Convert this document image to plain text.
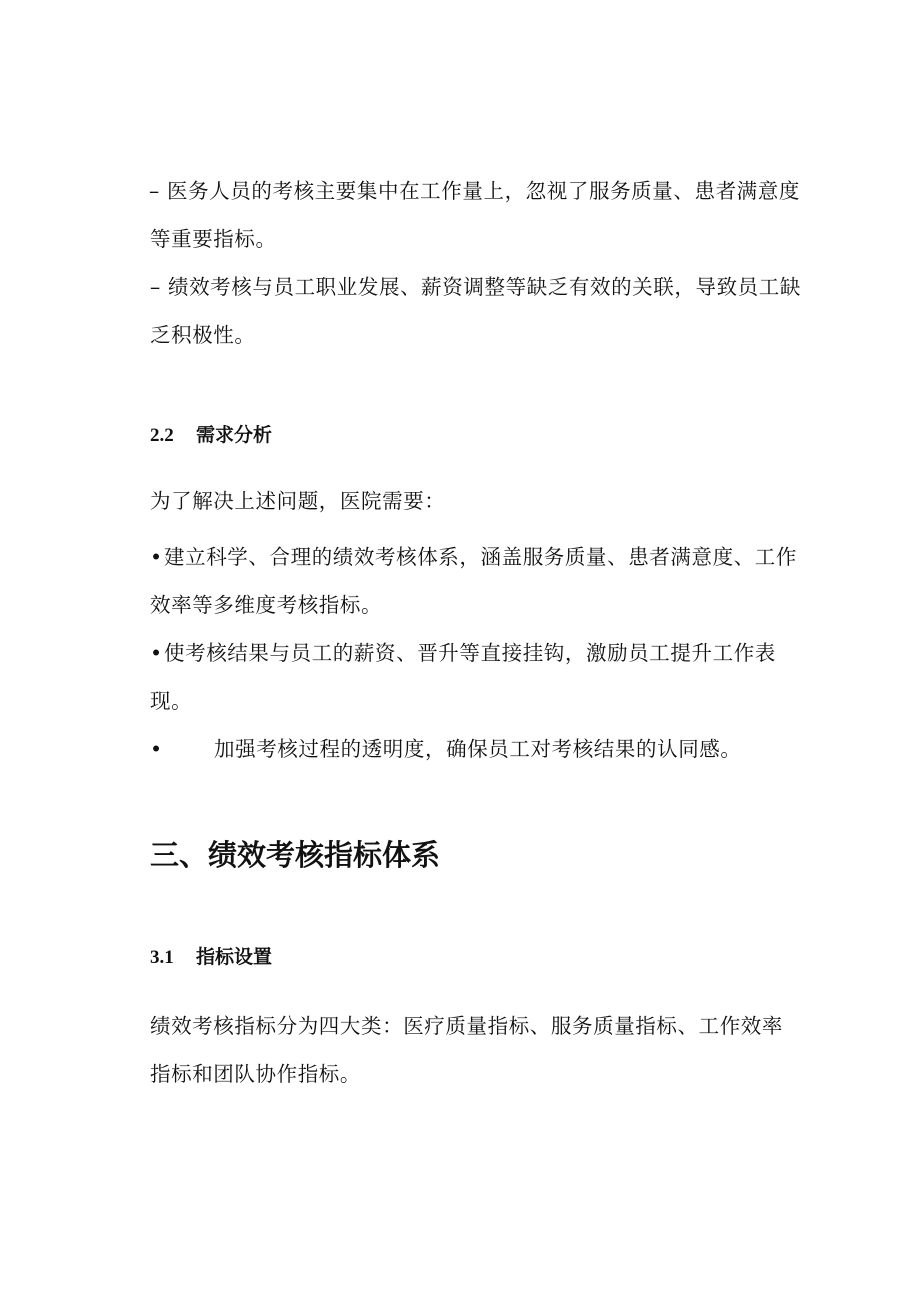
– 医务人员的考核主要集中在工作量上，忽视了服务质量、患者满意度等重要指标。

– 绩效考核与员工职业发展、薪资调整等缺乏有效的关联，导致员工缺乏积极性。

2.2 需求分析

为了解决上述问题，医院需要：

•建立科学、合理的绩效考核体系，涵盖服务质量、患者满意度、工作效率等多维度考核指标。

•使考核结果与员工的薪资、晋升等直接挂钩，激励员工提升工作表现。

•	加强考核过程的透明度，确保员工对考核结果的认同感。

三、绩效考核指标体系
3.1 指标设置

绩效考核指标分为四大类：医疗质量指标、服务质量指标、工作效率指标和团队协作指标。
